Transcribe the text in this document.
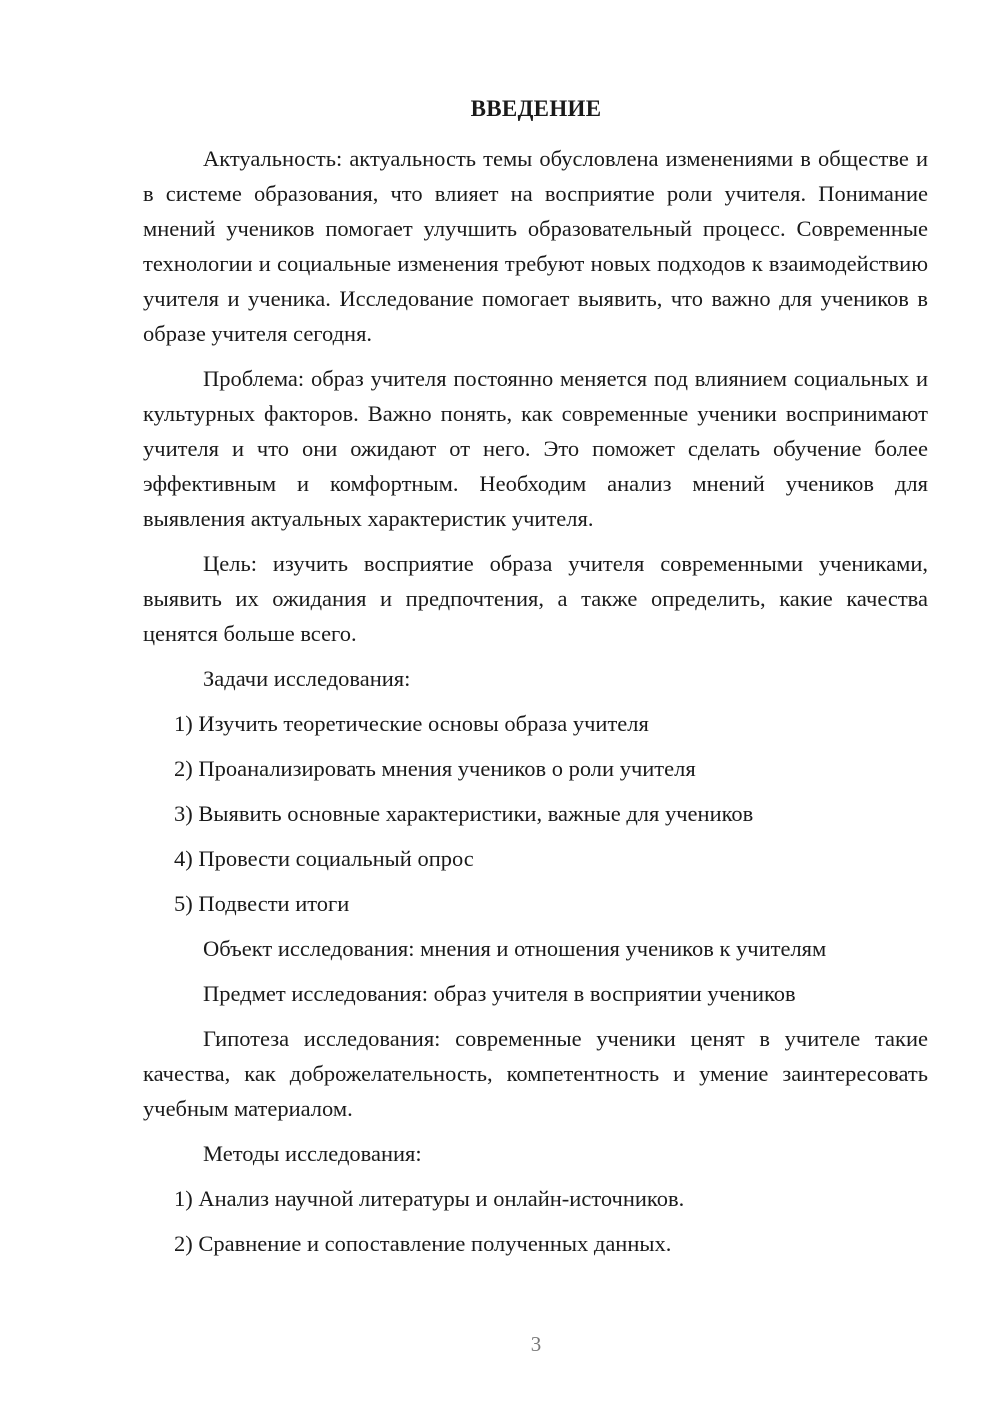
ВВЕДЕНИЕ

Актуальность: актуальность темы обусловлена изменениями в обществе и в системе образования, что влияет на восприятие роли учителя. Понимание мнений учеников помогает улучшить образовательный процесс. Современные технологии и социальные изменения требуют новых подходов к взаимодействию учителя и ученика. Исследование помогает выявить, что важно для учеников в образе учителя сегодня.

Проблема: образ учителя постоянно меняется под влиянием социальных и культурных факторов. Важно понять, как современные ученики воспринимают учителя и что они ожидают от него. Это поможет сделать обучение более эффективным и комфортным. Необходим анализ мнений учеников для выявления актуальных характеристик учителя.

Цель: изучить восприятие образа учителя современными учениками, выявить их ожидания и предпочтения, а также определить, какие качества ценятся больше всего.

Задачи исследования:

1) Изучить теоретические основы образа учителя

2) Проанализировать мнения учеников о роли учителя

3) Выявить основные характеристики, важные для учеников

4) Провести социальный опрос

5) Подвести итоги

Объект исследования: мнения и отношения учеников к учителям

Предмет исследования: образ учителя в восприятии учеников

Гипотеза исследования: современные ученики ценят в учителе такие качества, как доброжелательность, компетентность и умение заинтересовать учебным материалом.

Методы исследования:

1) Анализ научной литературы и онлайн-источников.

2) Сравнение и сопоставление полученных данных.

3
